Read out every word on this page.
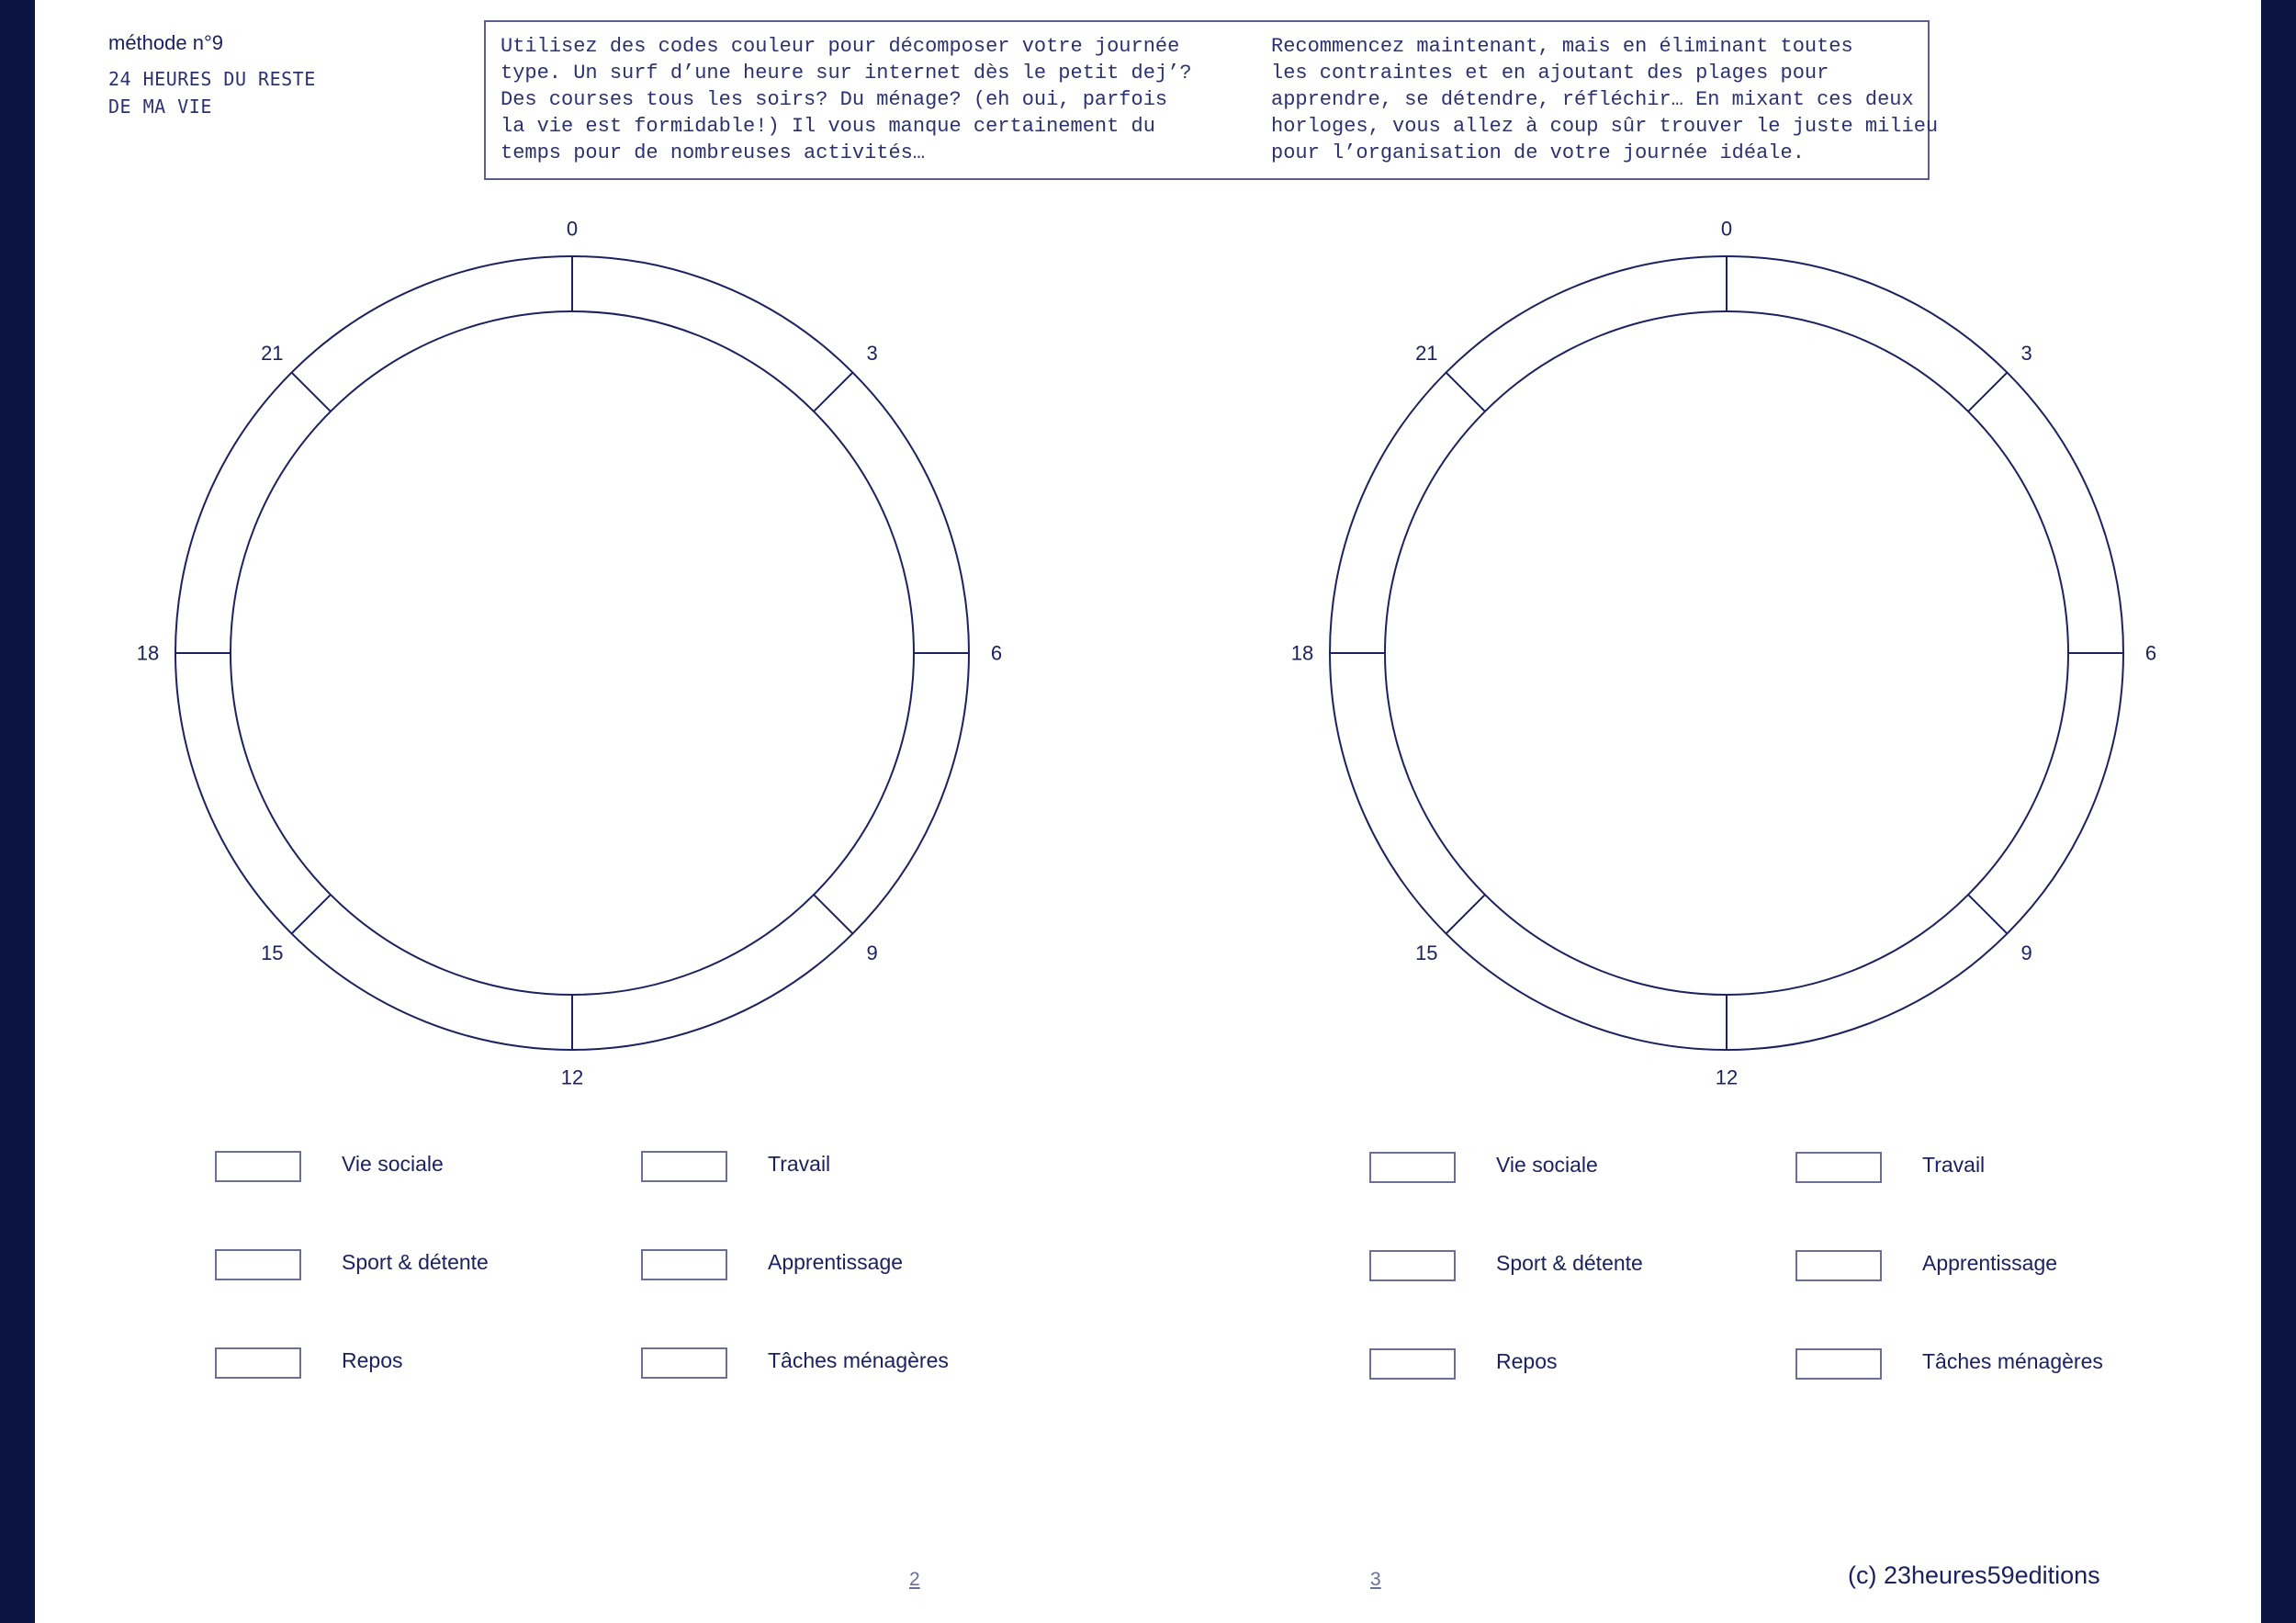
méthode n°9
24 HEURES DU RESTE
DE MA VIE
Utilisez des codes couleur pour décomposer votre journée
type. Un surf d’une heure sur internet dès le petit dej’?
Des courses tous les soirs? Du ménage? (eh oui, parfois
la vie est formidable!) Il vous manque certainement du
temps pour de nombreuses activités…
Recommencez maintenant, mais en éliminant toutes
les contraintes et en ajoutant des plages pour
apprendre, se détendre, réfléchir… En mixant ces deux
horloges, vous allez à coup sûr trouver le juste milieu
pour l’organisation de votre journée idéale.
Vie sociale	Travail
Sport & détente	Apprentissage
Repos	Tâches ménagères
Vie sociale	Travail
Sport & détente	Apprentissage
Repos	Tâches ménagères
2	3	(c) 23heures59editions
0
3
6
9
12
15
18
21
0
3
6
9
12
15
18
21
